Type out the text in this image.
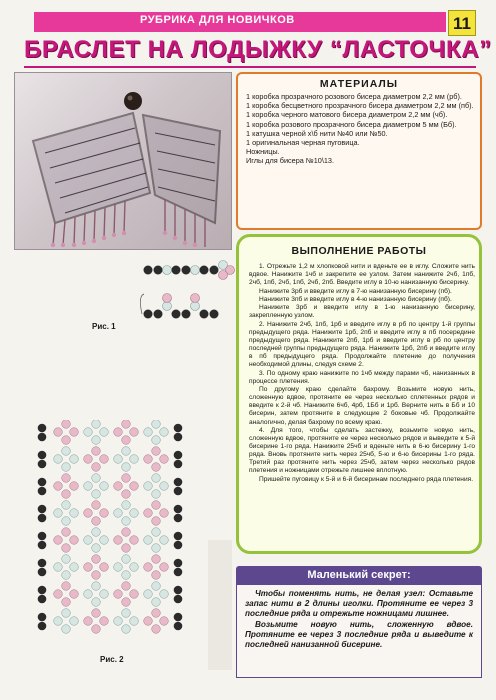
РУБРИКА ДЛЯ НОВИЧКОВ	11
БРАСЛЕТ НА ЛОДЫЖКУ “ЛАСТОЧКА”
МАТЕРИАЛЫ
1 коробка прозрачного розового бисера диаметром 2,2 мм (рб).
1 коробка бесцветного прозрачного бисера диаметром 2,2 мм (пб).
1 коробка черного матового бисера диаметром 2,2 мм (чб).
1 коробка розового прозрачного бисера диаметром 5 мм (Бб).
1 катушка черной х\б нити №40 или №50.
1 оригинальная черная пуговица.
Ножницы.
Иглы для бисера №10\13.
ВЫПОЛНЕНИЕ РАБОТЫ

1. Отрежьте 1,2 м хлопковой нити и вденьте ее в иглу. Сложите нить вдвое. Нанижите 1чб и закрепите ее узлом. Затем нанижите 2чб, 1пб, 2чб, 1пб, 2чб, 1пб, 2чб, 2пб. Введите иглу в 10-ю нанизанную бисерину.

Нанижите 3рб и введите иглу в 7-ю нанизанную бисерину (пб).

Нанижите 3пб и введите иглу в 4-ю нанизанную бисерину (пб).

Нанижите 3рб и введите иглу в 1-ю нанизанную бисерину, закрепленную узлом.

2. Нанижите 2чб, 1пб, 1рб и введите иглу в рб по центру 1-й группы предыдущего ряда. Нанижите 1рб, 2пб и введите иглу в пб посередине предыдущего ряда. Нанижите 2пб, 1рб и введите иглу в рб по центру последней группы предыдущего ряда. Нанижите 1рб, 2пб и введите иглу в пб предыдущего ряда. Продолжайте плетение до получения необходимой длины, следуя схеме 2.

3. По одному краю нанижите по 1чб между парами чб, нанизанных в процессе плетения.

По другому краю сделайте бахрому. Возьмите новую нить, сложенную вдвое, протяните ее через несколько сплетенных рядов и введите к 2-й чб. Нанижите 6чб, 4рб, 1Бб и 1рб. Верните нить в Бб и 10 бисерин, затем протяните в следующие 2 боковые чб. Продолжайте аналогично, делая бахрому по всему краю.

4. Для того, чтобы сделать застежку, возьмите новую нить, сложенную вдвое, протяните ее через несколько рядов и выведите к 5-й бисерине 1-го ряда. Нанижите 25чб и вденьте нить в 6-ю бисерину 1-го ряда. Вновь протяните нить через 25чб, 5-ю и 6-ю бисерины 1-го ряда. Третий раз протяните нить через 25чб, затем через несколько рядов плетения и ножницами отрежьте лишнее вплотную.

Пришейте пуговицу к 5-й и 6-й бисеринам последнего ряда плетения.

Рис. 1
Рис. 2
Маленький секрет:

Чтобы поменять нить, не делая узел: Оставьте запас нити в 2 длины иголки. Протяните ее через 3 последние ряда и отрежьте ножницами лишнее.

Возьмите новую нить, сложенную вдвое. Протяните ее через 3 последние ряда и выведите к последней нанизанной бисерине.
